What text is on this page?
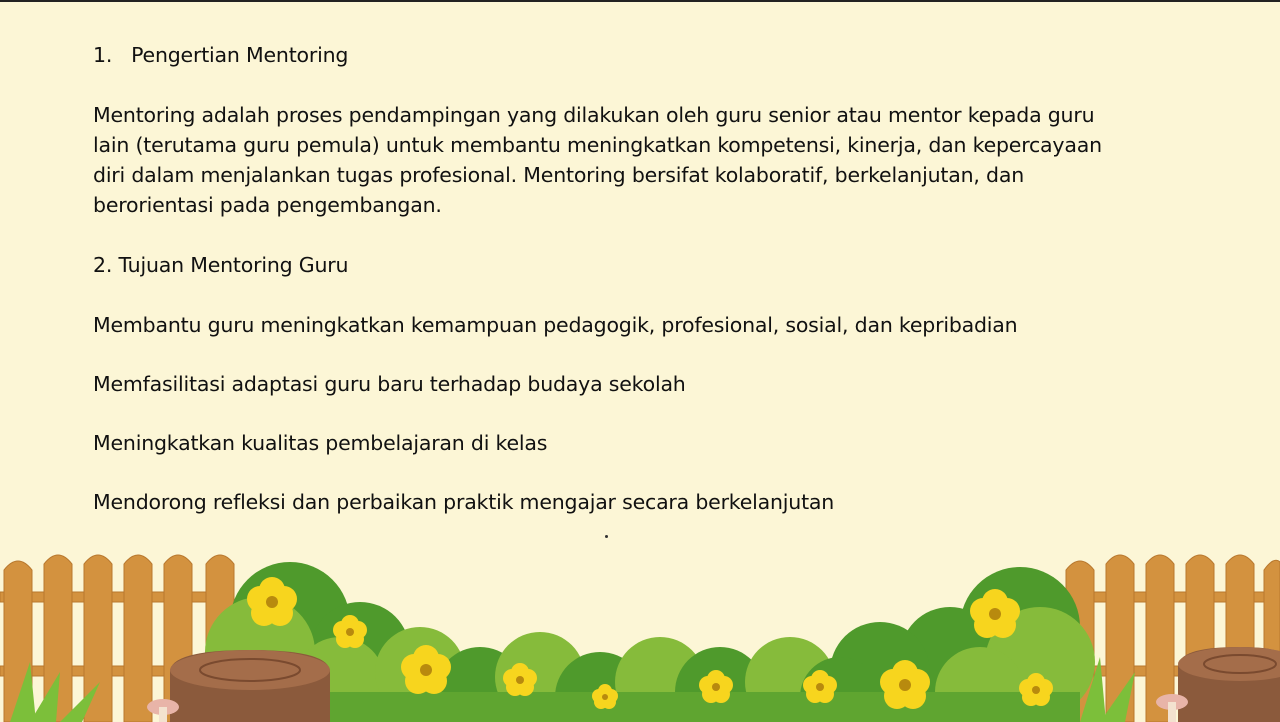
1.   Pengertian Mentoring

Mentoring adalah proses pendampingan yang dilakukan oleh guru senior atau mentor kepada guru

lain (terutama guru pemula) untuk membantu meningkatkan kompetensi, kinerja, dan kepercayaan

diri dalam menjalankan tugas profesional. Mentoring bersifat kolaboratif, berkelanjutan, dan

berorientasi pada pengembangan.

2. Tujuan Mentoring Guru

Membantu guru meningkatkan kemampuan pedagogik, profesional, sosial, dan kepribadian

Memfasilitasi adaptasi guru baru terhadap budaya sekolah

Meningkatkan kualitas pembelajaran di kelas

Mendorong refleksi dan perbaikan praktik mengajar secara berkelanjutan
